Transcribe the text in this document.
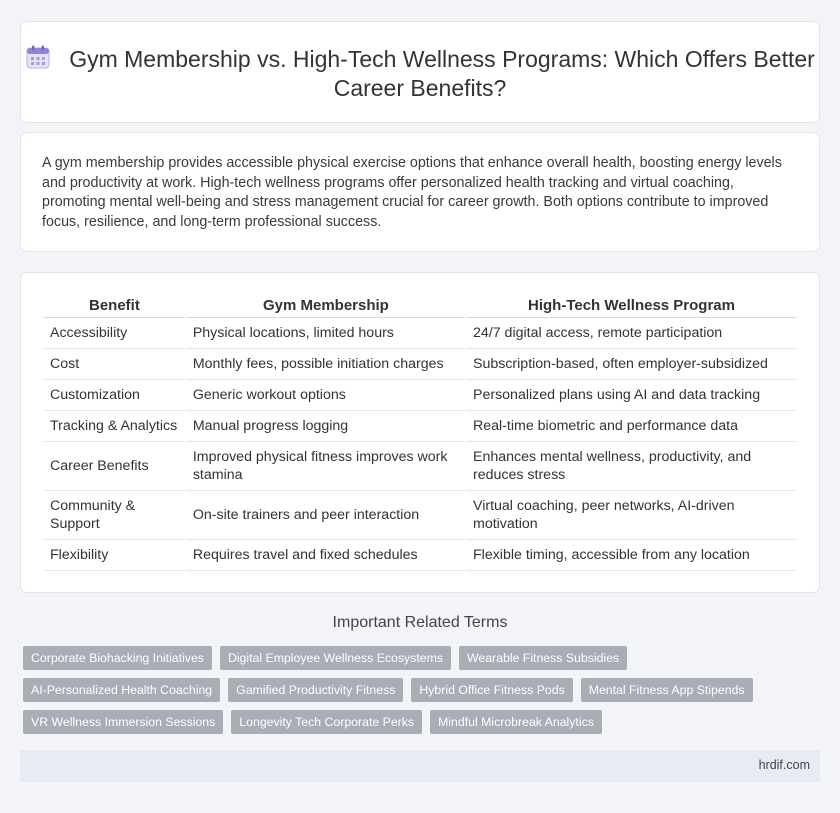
Gym Membership vs. High-Tech Wellness Programs: Which Offers Better Career Benefits?

A gym membership provides accessible physical exercise options that enhance overall health, boosting energy levels and productivity at work. High-tech wellness programs offer personalized health tracking and virtual coaching, promoting mental well-being and stress management crucial for career growth. Both options contribute to improved focus, resilience, and long-term professional success.

Benefit	Gym Membership	High-Tech Wellness Program
Accessibility	Physical locations, limited hours	24/7 digital access, remote participation
Cost	Monthly fees, possible initiation charges	Subscription-based, often employer-subsidized
Customization	Generic workout options	Personalized plans using AI and data tracking
Tracking & Analytics	Manual progress logging	Real-time biometric and performance data
Career Benefits	Improved physical fitness improves work stamina	Enhances mental wellness, productivity, and reduces stress
Community & Support	On-site trainers and peer interaction	Virtual coaching, peer networks, AI-driven motivation
Flexibility	Requires travel and fixed schedules	Flexible timing, accessible from any location
Important Related Terms
Corporate Biohacking Initiatives	Digital Employee Wellness Ecosystems	Wearable Fitness Subsidies
AI-Personalized Health Coaching	Gamified Productivity Fitness	Hybrid Office Fitness Pods	Mental Fitness App Stipends
VR Wellness Immersion Sessions	Longevity Tech Corporate Perks	Mindful Microbreak Analytics
hrdif.com
